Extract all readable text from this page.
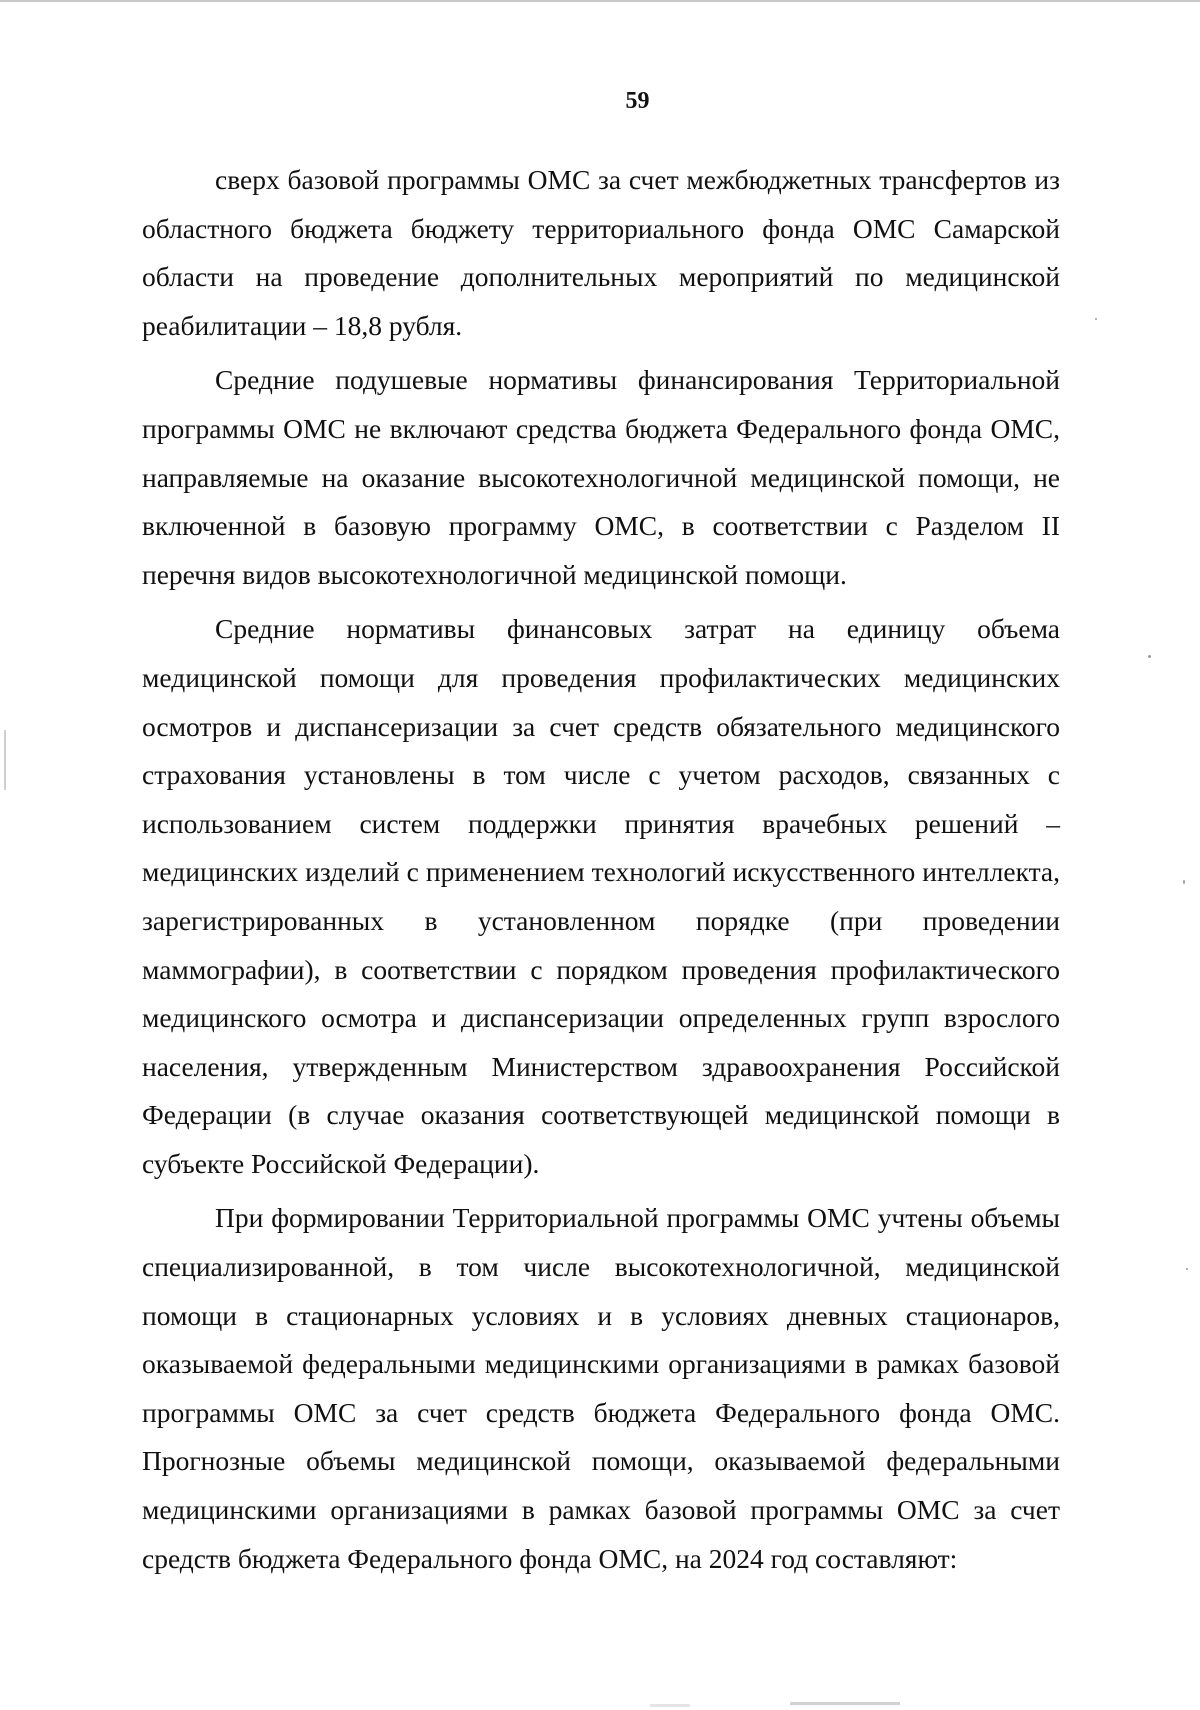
59

сверх базовой программы ОМС за счет межбюджетных трансфертов из областного бюджета бюджету территориального фонда ОМС Самарской области на проведение дополнительных мероприятий по медицинской реабилитации – 18,8 рубля.

Средние подушевые нормативы финансирования Территориальной программы ОМС не включают средства бюджета Федерального фонда ОМС, направляемые на оказание высокотехнологичной медицинской помощи, не включенной в базовую программу ОМС, в соответствии с Разделом II перечня видов высокотехнологичной медицинской помощи.

Средние нормативы финансовых затрат на единицу объема медицинской помощи для проведения профилактических медицинских осмотров и диспансеризации за счет средств обязательного медицинского страхования установлены в том числе с учетом расходов, связанных с использованием систем поддержки принятия врачебных решений – медицинских изделий с применением технологий искусственного интеллекта, зарегистрированных в установленном порядке (при проведении маммографии), в соответствии с порядком проведения профилактического медицинского осмотра и диспансеризации определенных групп взрослого населения, утвержденным Министерством здравоохранения Российской Федерации (в случае оказания соответствующей медицинской помощи в субъекте Российской Федерации).

При формировании Территориальной программы ОМС учтены объемы специализированной, в том числе высокотехнологичной, медицинской помощи в стационарных условиях и в условиях дневных стационаров, оказываемой федеральными медицинскими организациями в рамках базовой программы ОМС за счет средств бюджета Федерального фонда ОМС. Прогнозные объемы медицинской помощи, оказываемой федеральными медицинскими организациями в рамках базовой программы ОМС за счет средств бюджета Федерального фонда ОМС, на 2024 год составляют:
